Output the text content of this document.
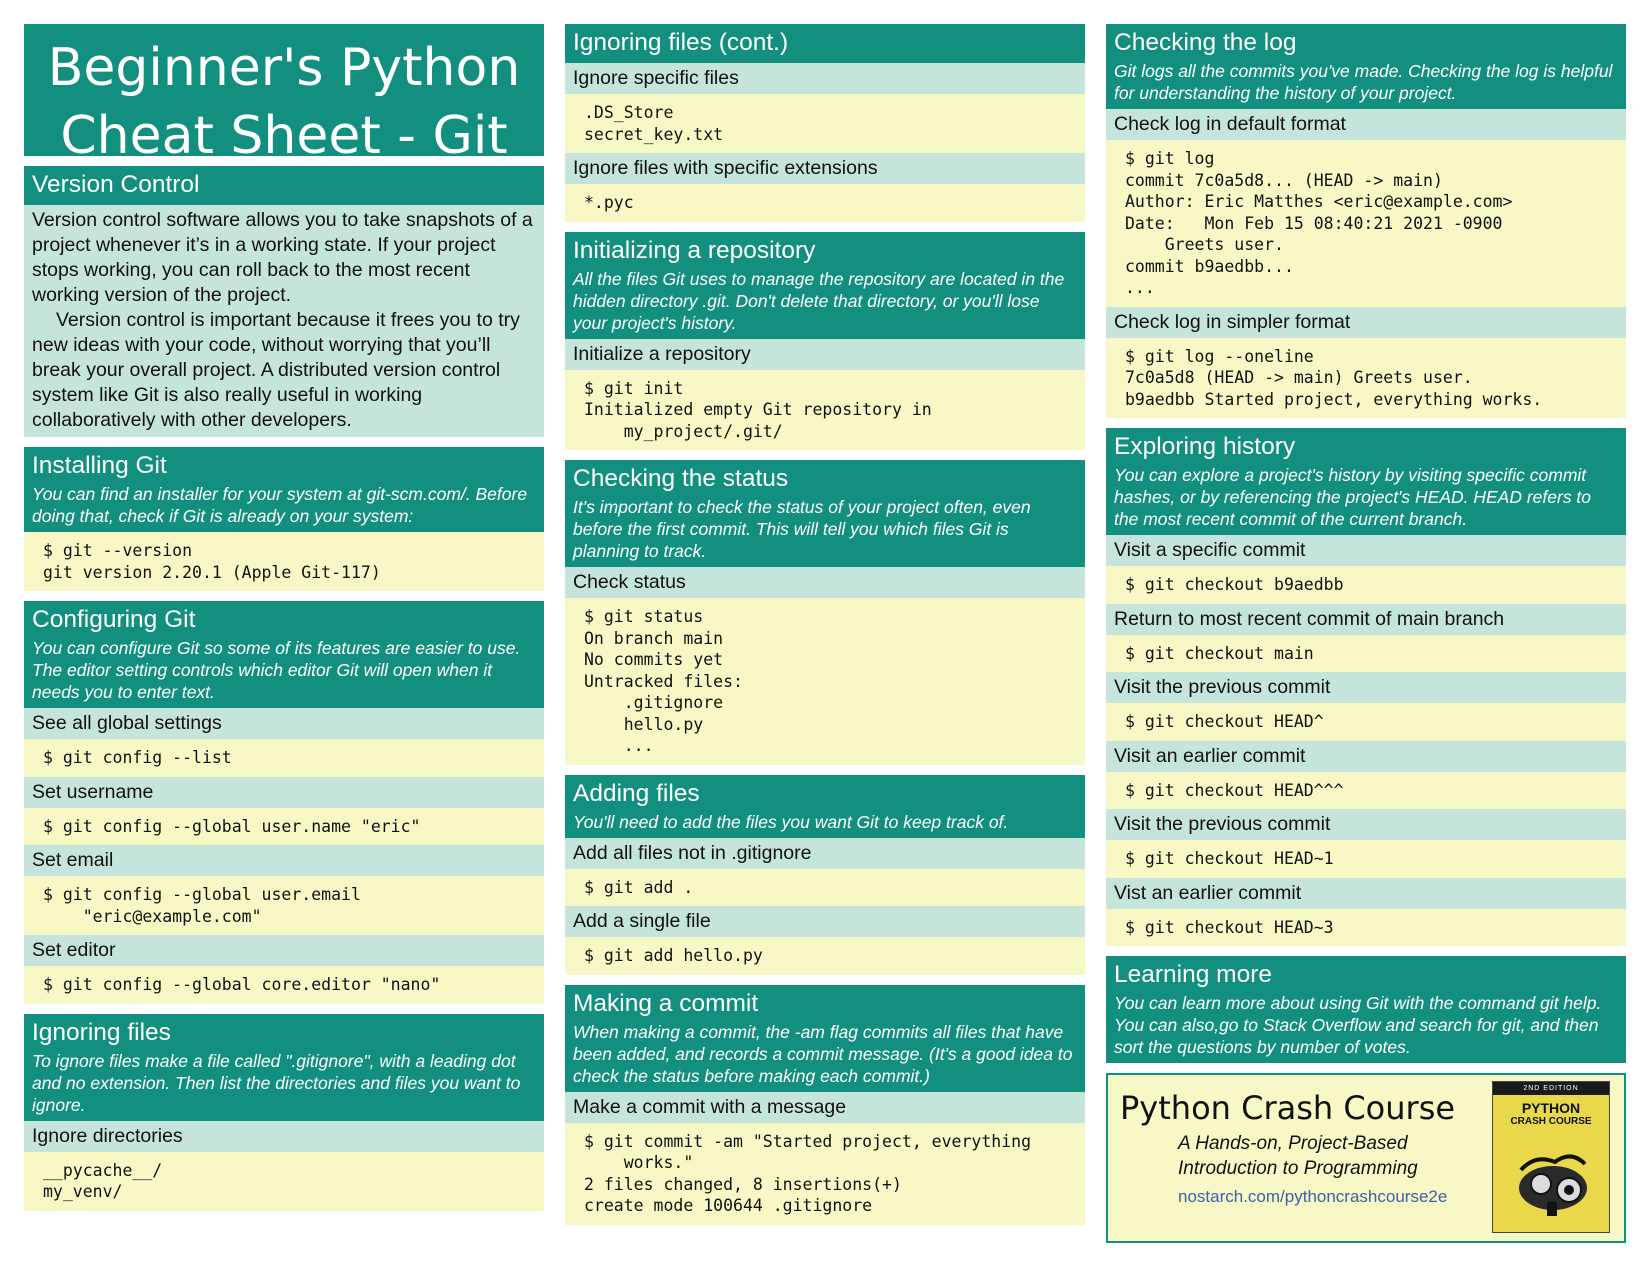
Beginner's Python
Cheat Sheet - Git
Version Control

Version control software allows you to take snapshots of a project whenever it’s in a working state. If your project stops working, you can roll back to the most recent working version of the project.

Version control is important because it frees you to try new ideas with your code, without worrying that you’ll break your overall project. A distributed version control system like Git is also really useful in working collaboratively with other developers.

Installing Git

You can find an installer for your system at git-scm.com/. Before doing that, check if Git is already on your system:

$ git --version
git version 2.20.1 (Apple Git-117)
Configuring Git

You can configure Git so some of its features are easier to use. The editor setting controls which editor Git will open when it needs you to enter text.

See all global settings
$ git config --list
Set username
$ git config --global user.name "eric"
Set email
$ git config --global user.email
"eric@example.com"
Set editor
$ git config --global core.editor "nano"
Ignoring files

To ignore files make a file called ".gitignore", with a leading dot and no extension. Then list the directories and files you want to ignore.

Ignore directories
__pycache__/
my_venv/
Ignoring files (cont.)
Ignore specific files
.DS_Store
secret_key.txt
Ignore files with specific extensions
*.pyc
Initializing a repository

All the files Git uses to manage the repository are located in the hidden directory .git. Don't delete that directory, or you'll lose your project's history.

Initialize a repository
$ git init
Initialized empty Git repository in
my_project/.git/
Checking the status

It's important to check the status of your project often, even before the first commit. This will tell you which files Git is planning to track.

Check status
$ git status
On branch main
No commits yet
Untracked files:
.gitignore
hello.py
...
Adding files

You'll need to add the files you want Git to keep track of.

Add all files not in .gitignore
$ git add .
Add a single file
$ git add hello.py
Making a commit

When making a commit, the -am flag commits all files that have been added, and records a commit message. (It's a good idea to check the status before making each commit.)

Make a commit with a message
$ git commit -am "Started project, everything
works."
2 files changed, 8 insertions(+)
create mode 100644 .gitignore
Checking the log

Git logs all the commits you've made. Checking the log is helpful for understanding the history of your project.

Check log in default format
$ git log
commit 7c0a5d8... (HEAD -> main)
Author: Eric Matthes <eric@example.com>
Date:   Mon Feb 15 08:40:21 2021 -0900
Greets user.
commit b9aedbb...
...
Check log in simpler format
$ git log --oneline
7c0a5d8 (HEAD -> main) Greets user.
b9aedbb Started project, everything works.
Exploring history

You can explore a project's history by visiting specific commit hashes, or by referencing the project's HEAD. HEAD refers to the most recent commit of the current branch.

Visit a specific commit
$ git checkout b9aedbb
Return to most recent commit of main branch
$ git checkout main
Visit the previous commit
$ git checkout HEAD^
Visit an earlier commit
$ git checkout HEAD^^^
Visit the previous commit
$ git checkout HEAD~1
Vist an earlier commit
$ git checkout HEAD~3
Learning more

You can learn more about using Git with the command git help. You can also,go to Stack Overflow and search for git, and then sort the questions by number of votes.

Python Crash Course
A Hands-on, Project-Based
Introduction to Programming
nostarch.com/pythoncrashcourse2e
2ND EDITION
PYTHON
CRASH COURSE
